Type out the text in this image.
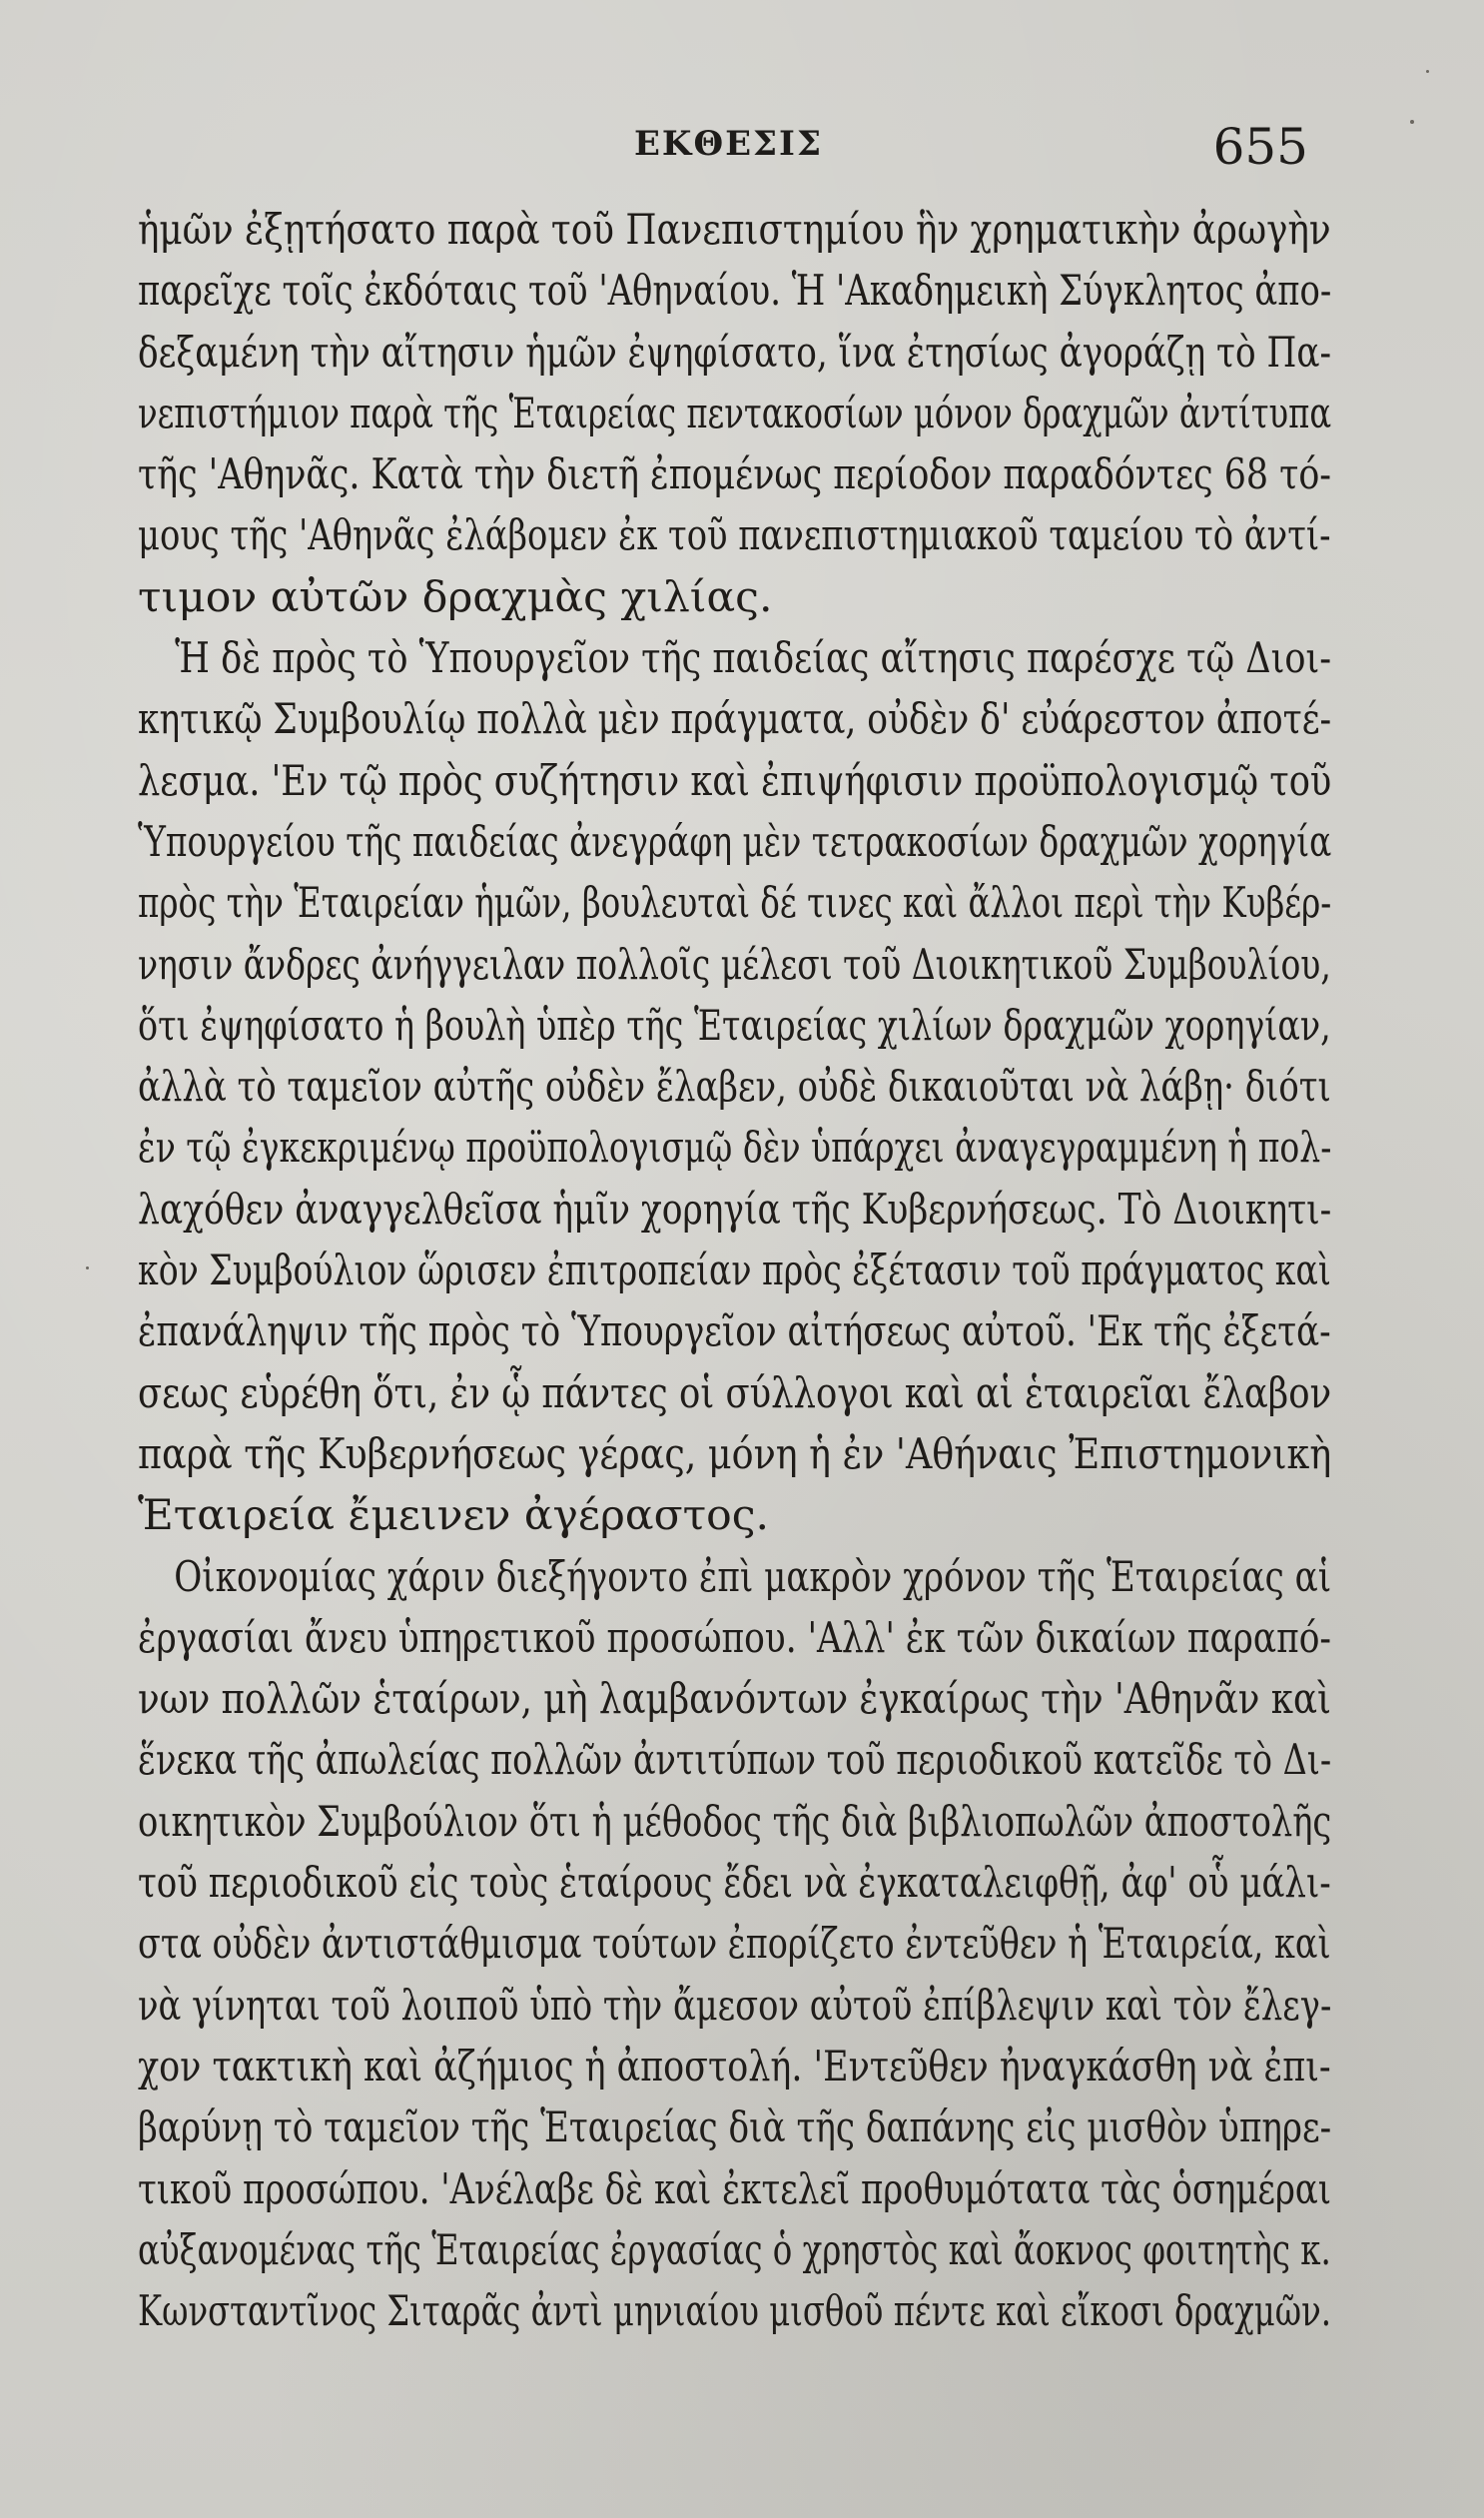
ΕΚΘΕΣΙΣ	655
ἡμῶν ἐξῃτήσατο παρὰ τοῦ Πανεπιστημίου ἣν χρηματικὴν ἀρωγὴν
παρεῖχε τοῖς ἐκδόταις τοῦ 'Αθηναίου. Ἡ 'Ακαδημεικὴ Σύγκλητος ἀπο-
δεξαμένη τὴν αἴτησιν ἡμῶν ἐψηφίσατο, ἵνα ἐτησίως ἀγοράζῃ τὸ Πα-
νεπιστήμιον παρὰ τῆς Ἑταιρείας πεντακοσίων μόνον δραχμῶν ἀντίτυπα
τῆς 'Αθηνᾶς. Κατὰ τὴν διετῆ ἐπομένως περίοδον παραδόντες 68 τό-
μους τῆς 'Αθηνᾶς ἐλάβομεν ἐκ τοῦ πανεπιστημιακοῦ ταμείου τὸ ἀντί-
τιμον αὐτῶν δραχμὰς χιλίας.
Ἡ δὲ πρὸς τὸ Ὑπουργεῖον τῆς παιδείας αἴτησις παρέσχε τῷ Διοι-
κητικῷ Συμβουλίῳ πολλὰ μὲν πράγματα, οὐδὲν δ' εὐάρεστον ἀποτέ-
λεσμα. 'Εν τῷ πρὸς συζήτησιν καὶ ἐπιψήφισιν προϋπολογισμῷ τοῦ
Ὑπουργείου τῆς παιδείας ἀνεγράφη μὲν τετρακοσίων δραχμῶν χορηγία
πρὸς τὴν Ἑταιρείαν ἡμῶν, βουλευταὶ δέ τινες καὶ ἄλλοι περὶ τὴν Κυβέρ-
νησιν ἄνδρες ἀνήγγειλαν πολλοῖς μέλεσι τοῦ Διοικητικοῦ Συμβουλίου,
ὅτι ἐψηφίσατο ἡ βουλὴ ὑπὲρ τῆς Ἑταιρείας χιλίων δραχμῶν χορηγίαν,
ἀλλὰ τὸ ταμεῖον αὐτῆς οὐδὲν ἔλαβεν, οὐδὲ δικαιοῦται νὰ λάβῃ· διότι
ἐν τῷ ἐγκεκριμένῳ προϋπολογισμῷ δὲν ὑπάρχει ἀναγεγραμμένη ἡ πολ-
λαχόθεν ἀναγγελθεῖσα ἡμῖν χορηγία τῆς Κυβερνήσεως. Τὸ Διοικητι-
κὸν Συμβούλιον ὥρισεν ἐπιτροπείαν πρὸς ἐξέτασιν τοῦ πράγματος καὶ
ἐπανάληψιν τῆς πρὸς τὸ Ὑπουργεῖον αἰτήσεως αὐτοῦ. 'Εκ τῆς ἐξετά-
σεως εὑρέθη ὅτι, ἐν ᾧ πάντες οἱ σύλλογοι καὶ αἱ ἑταιρεῖαι ἔλαβον
παρὰ τῆς Κυβερνήσεως γέρας, μόνη ἡ ἐν 'Αθήναις Ἐπιστημονικὴ
Ἑταιρεία ἔμεινεν ἀγέραστος.
Οἰκονομίας χάριν διεξήγοντο ἐπὶ μακρὸν χρόνον τῆς Ἑταιρείας αἱ
ἐργασίαι ἄνευ ὑπηρετικοῦ προσώπου. 'Αλλ' ἐκ τῶν δικαίων παραπό-
νων πολλῶν ἑταίρων, μὴ λαμβανόντων ἐγκαίρως τὴν 'Αθηνᾶν καὶ
ἕνεκα τῆς ἀπωλείας πολλῶν ἀντιτύπων τοῦ περιοδικοῦ κατεῖδε τὸ Δι-
οικητικὸν Συμβούλιον ὅτι ἡ μέθοδος τῆς διὰ βιβλιοπωλῶν ἀποστολῆς
τοῦ περιοδικοῦ εἰς τοὺς ἑταίρους ἔδει νὰ ἐγκαταλειφθῇ, ἀφ' οὗ μάλι-
στα οὐδὲν ἀντιστάθμισμα τούτων ἐπορίζετο ἐντεῦθεν ἡ Ἑταιρεία, καὶ
νὰ γίνηται τοῦ λοιποῦ ὑπὸ τὴν ἄμεσον αὐτοῦ ἐπίβλεψιν καὶ τὸν ἔλεγ-
χον τακτικὴ καὶ ἀζήμιος ἡ ἀποστολή. 'Εντεῦθεν ἠναγκάσθη νὰ ἐπι-
βαρύνῃ τὸ ταμεῖον τῆς Ἑταιρείας διὰ τῆς δαπάνης εἰς μισθὸν ὑπηρε-
τικοῦ προσώπου. 'Ανέλαβε δὲ καὶ ἐκτελεῖ προθυμότατα τὰς ὁσημέραι
αὐξανομένας τῆς Ἑταιρείας ἐργασίας ὁ χρηστὸς καὶ ἄοκνος φοιτητὴς κ.
Κωνσταντῖνος Σιταρᾶς ἀντὶ μηνιαίου μισθοῦ πέντε καὶ εἴκοσι δραχμῶν.
